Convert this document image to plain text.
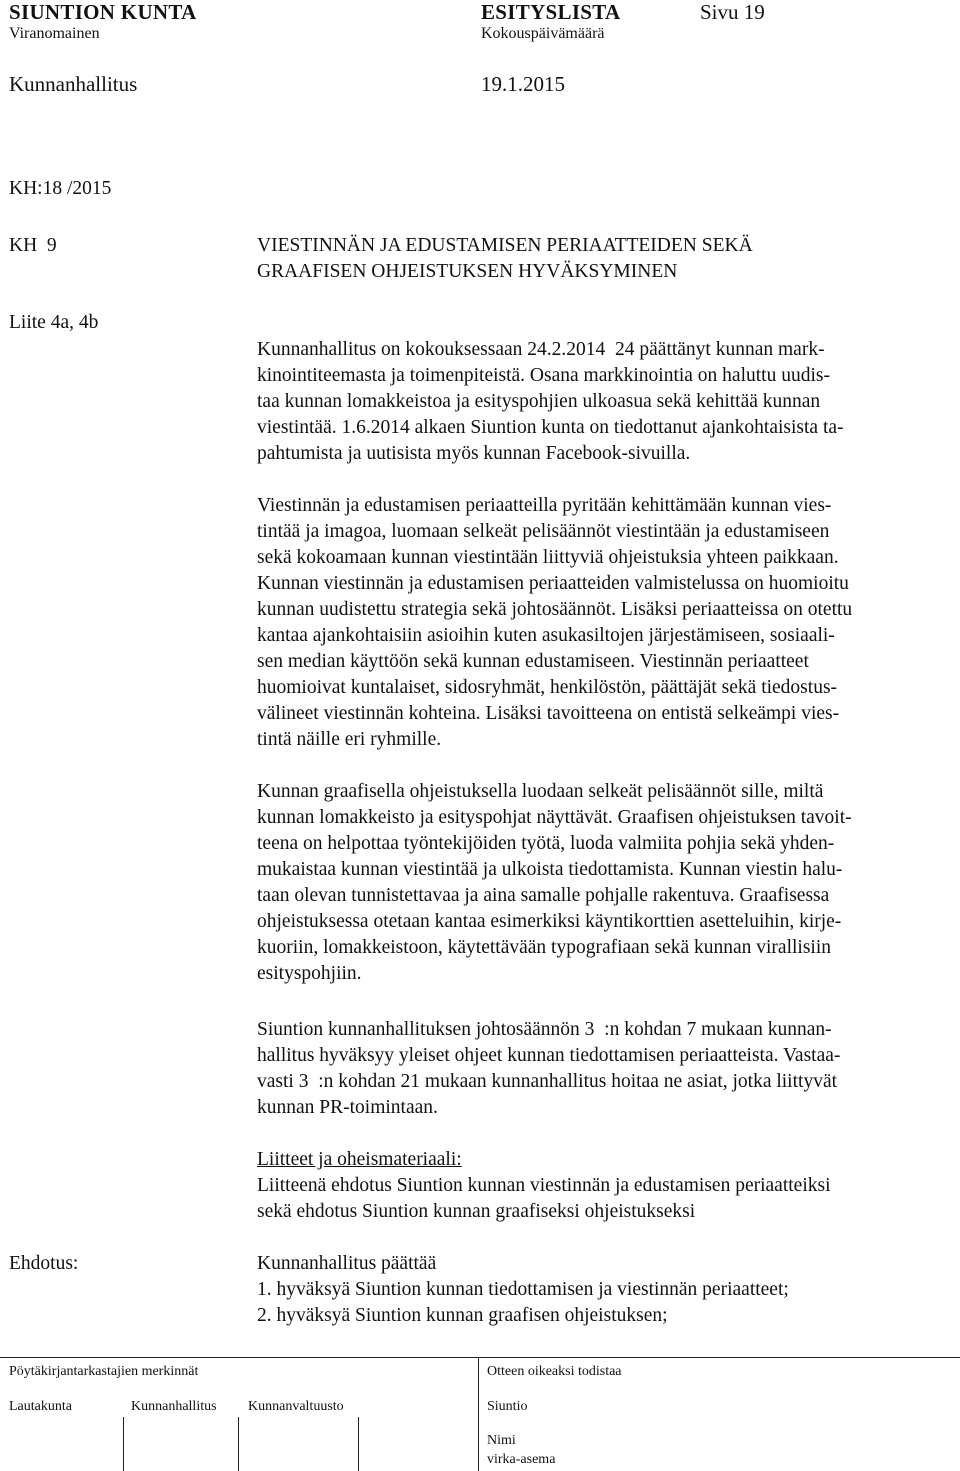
SIUNTION KUNTA	ESITYSLISTA	Sivu 19
Viranomainen	Kokouspäivämäärä
Kunnanhallitus	19.1.2015
KH:18 /2015
KH  9	VIESTINNÄN JA EDUSTAMISEN PERIAATTEIDEN SEKÄ
GRAAFISEN OHJEISTUKSEN HYVÄKSYMINEN
Liite 4a, 4b
Kunnanhallitus on kokouksessaan 24.2.2014  24 päättänyt kunnan mark-
kinointiteemasta ja toimenpiteistä. Osana markkinointia on haluttu uudis-
taa kunnan lomakkeistoa ja esityspohjien ulkoasua sekä kehittää kunnan
viestintää. 1.6.2014 alkaen Siuntion kunta on tiedottanut ajankohtaisista ta-
pahtumista ja uutisista myös kunnan Facebook-sivuilla.
Viestinnän ja edustamisen periaatteilla pyritään kehittämään kunnan vies-
tintää ja imagoa, luomaan selkeät pelisäännöt viestintään ja edustamiseen
sekä kokoamaan kunnan viestintään liittyviä ohjeistuksia yhteen paikkaan.
Kunnan viestinnän ja edustamisen periaatteiden valmistelussa on huomioitu
kunnan uudistettu strategia sekä johtosäännöt. Lisäksi periaatteissa on otettu
kantaa ajankohtaisiin asioihin kuten asukasiltojen järjestämiseen, sosiaali-
sen median käyttöön sekä kunnan edustamiseen. Viestinnän periaatteet
huomioivat kuntalaiset, sidosryhmät, henkilöstön, päättäjät sekä tiedostus-
välineet viestinnän kohteina. Lisäksi tavoitteena on entistä selkeämpi vies-
tintä näille eri ryhmille.
Kunnan graafisella ohjeistuksella luodaan selkeät pelisäännöt sille, miltä
kunnan lomakkeisto ja esityspohjat näyttävät. Graafisen ohjeistuksen tavoit-
teena on helpottaa työntekijöiden työtä, luoda valmiita pohjia sekä yhden-
mukaistaa kunnan viestintää ja ulkoista tiedottamista. Kunnan viestin halu-
taan olevan tunnistettavaa ja aina samalle pohjalle rakentuva. Graafisessa
ohjeistuksessa otetaan kantaa esimerkiksi käyntikorttien asetteluihin, kirje-
kuoriin, lomakkeistoon, käytettävään typografiaan sekä kunnan virallisiin
esityspohjiin.
Siuntion kunnanhallituksen johtosäännön 3  :n kohdan 7 mukaan kunnan-
hallitus hyväksyy yleiset ohjeet kunnan tiedottamisen periaatteista. Vastaa-
vasti 3  :n kohdan 21 mukaan kunnanhallitus hoitaa ne asiat, jotka liittyvät
kunnan PR-toimintaan.
Liitteet ja oheismateriaali:
Liitteenä ehdotus Siuntion kunnan viestinnän ja edustamisen periaatteiksi
sekä ehdotus Siuntion kunnan graafiseksi ohjeistukseksi
Ehdotus:	Kunnanhallitus päättää
1. hyväksyä Siuntion kunnan tiedottamisen ja viestinnän periaatteet;
2. hyväksyä Siuntion kunnan graafisen ohjeistuksen;
Pöytäkirjantarkastajien merkinnät	Otteen oikeaksi todistaa
Lautakunta	Kunnanhallitus Kunnanvaltuusto	Siuntio
Nimi
virka-asema
